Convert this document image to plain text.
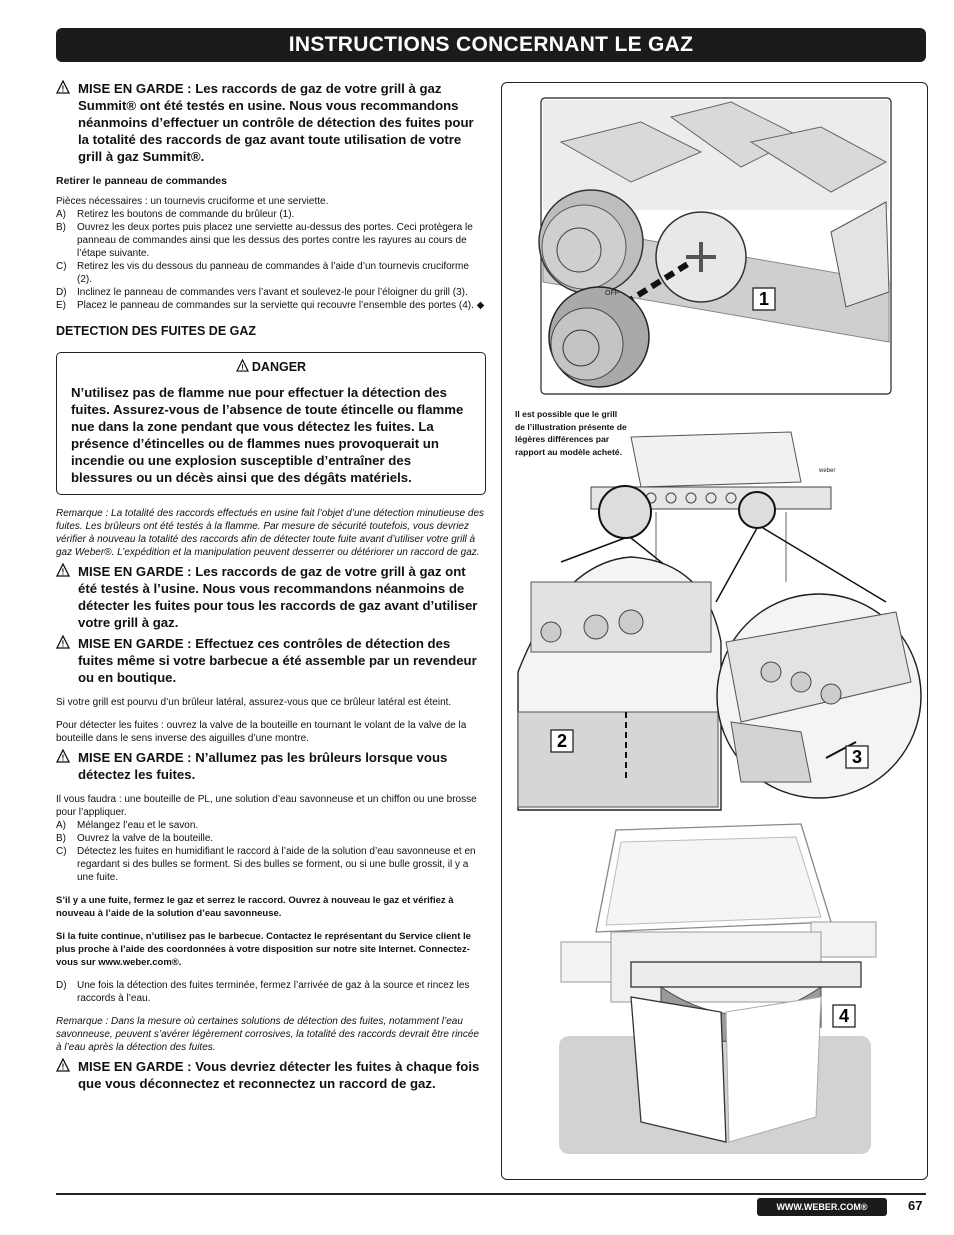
INSTRUCTIONS CONCERNANT LE GAZ
! MISE EN GARDE : Les raccords de gaz de votre grill à gaz Summit® ont été testés en usine. Nous vous recommandons néanmoins d’effectuer un contrôle de détection des fuites pour la totalité des raccords de gaz avant toute utilisation de votre grill à gaz Summit®.
Retirer le panneau de commandes

Pièces nécessaires : un tournevis cruciforme et une serviette.

A) Retirez les boutons de commande du brûleur (1).
B) Ouvrez les deux portes puis placez une serviette au-dessus des portes. Ceci protègera le panneau de commandes ainsi que les dessus des portes contre les rayures au cours de l’étape suivante.
C) Retirez les vis du dessous du panneau de commandes à l’aide d’un tournevis cruciforme (2).
D) Inclinez le panneau de commandes vers l’avant et soulevez-le pour l’éloigner du grill (3).
E) Placez le panneau de commandes sur la serviette qui recouvre l’ensemble des portes (4). ◆
DETECTION DES FUITES DE GAZ
! DANGER
N’utilisez pas de flamme nue pour effectuer la détection des fuites. Assurez-vous de l’absence de toute étincelle ou flamme nue dans la zone pendant que vous détectez les fuites. La présence d’étincelles ou de flammes nues provoquerait un incendie ou une explosion susceptible d’entraîner des blessures ou un décès ainsi que des dégâts matériels.

Remarque : La totalité des raccords effectués en usine fait l’objet d’une détection minutieuse des fuites. Les brûleurs ont été testés à la flamme. Par mesure de sécurité toutefois, vous devriez vérifier à nouveau la totalité des raccords afin de détecter toute fuite avant d’utiliser votre grill à gaz Weber®. L’expédition et la manipulation peuvent desserrer ou détériorer un raccord de gaz.

! MISE EN GARDE : Les raccords de gaz de votre grill à gaz ont été testés à l’usine. Nous vous recommandons néanmoins de détecter les fuites pour tous les raccords de gaz avant d’utiliser votre grill à gaz.
! MISE EN GARDE : Effectuez ces contrôles de détection des fuites même si votre barbecue a été assemble par un revendeur ou en boutique.

Si votre grill est pourvu d’un brûleur latéral, assurez-vous que ce brûleur latéral est éteint.

Pour détecter les fuites : ouvrez la valve de la bouteille en tournant le volant de la valve de la bouteille dans le sens inverse des aiguilles d’une montre.

! MISE EN GARDE : N’allumez pas les brûleurs lorsque vous détectez les fuites.

Il vous faudra : une bouteille de PL, une solution d’eau savonneuse et un chiffon ou une brosse pour l’appliquer.

A) Mélangez l’eau et le savon.
B) Ouvrez la valve de la bouteille.
C) Détectez les fuites en humidifiant le raccord à l’aide de la solution d’eau savonneuse et en regardant si des bulles se forment. Si des bulles se forment, ou si une bulle grossit, il y a une fuite.

S’il y a une fuite, fermez le gaz et serrez le raccord. Ouvrez à nouveau le gaz et vérifiez à nouveau à l’aide de la solution d’eau savonneuse.

Si la fuite continue, n’utilisez pas le barbecue. Contactez le représentant du Service client le plus proche à l’aide des coordonnées à votre disposition sur notre site Internet. Connectez-vous sur www.weber.com®.

D) Une fois la détection des fuites terminée, fermez l’arrivée de gaz à la source et rincez les raccords à l’eau.

Remarque : Dans la mesure où certaines solutions de détection des fuites, notamment l’eau savonneuse, peuvent s’avérer légèrement corrosives, la totalité des raccords devrait être rincée à l’eau après la détection des fuites.

! MISE EN GARDE : Vous devriez détecter les fuites à chaque fois que vous déconnectez et reconnectez un raccord de gaz.
OFF	1
weber
2
3
4
Il est possible que le grill de l’illustration présente de légères différences par rapport au modèle acheté.
WWW.WEBER.COM®	67
